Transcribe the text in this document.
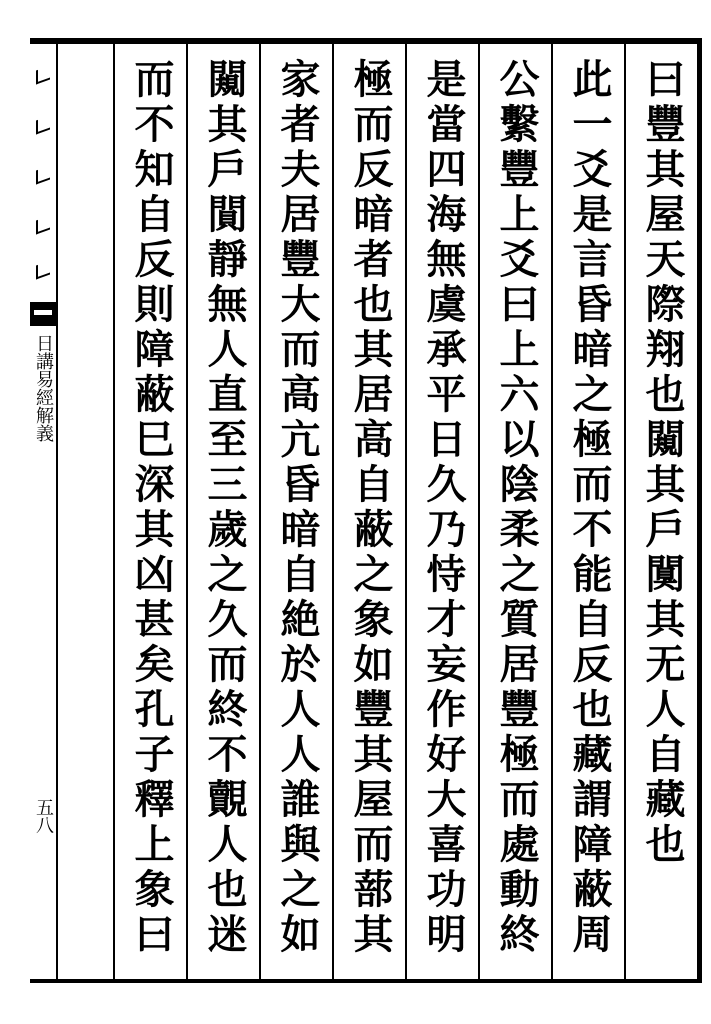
日講易經解義
五八	曰豐其屋天際翔也闚其戶闃其无人自藏也
此一爻是言昏暗之極而不能自反也藏謂障蔽周
公繫豐上爻曰上六以陰柔之質居豐極而處動終
是當四海無虞承平日久乃恃才妄作好大喜功明
極而反暗者也其居高自蔽之象如豐其屋而蔀其
家者夫居豐大而高亢昏暗自絶於人人誰與之如
闚其戶閴靜無人直至三歲之久而終不覿人也迷
而不知自反則障蔽巳深其凶甚矣孔子釋上象曰
